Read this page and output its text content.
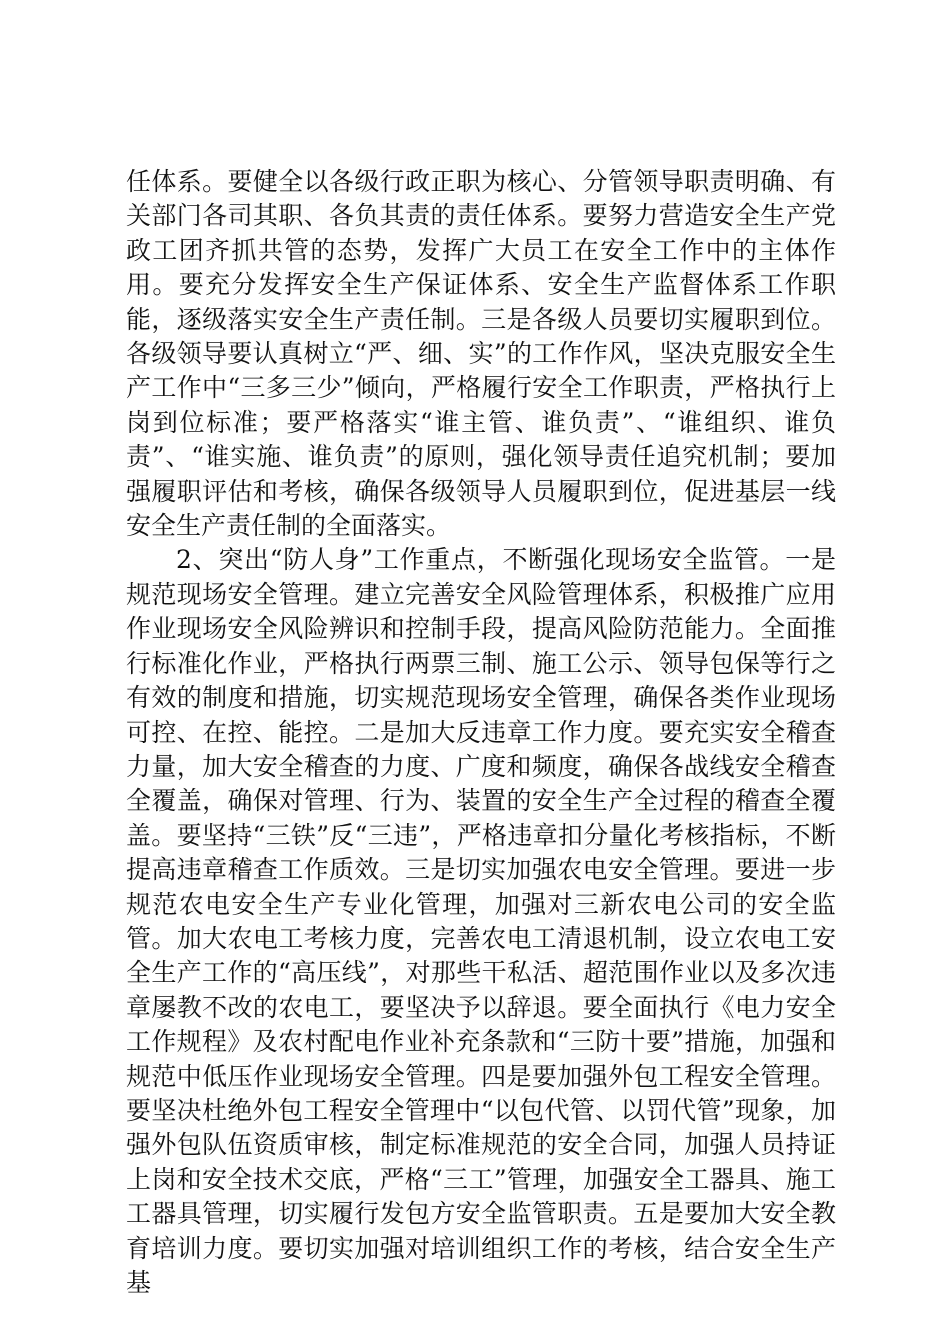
任体系。要健全以各级行政正职为核心、分管领导职责明确、有关部门各司其职、各负其责的责任体系。要努力营造安全生产党政工团齐抓共管的态势，发挥广大员工在安全工作中的主体作用。要充分发挥安全生产保证体系、安全生产监督体系工作职能，逐级落实安全生产责任制。三是各级人员要切实履职到位。各级领导要认真树立“严、细、实”的工作作风，坚决克服安全生产工作中“三多三少”倾向，严格履行安全工作职责，严格执行上岗到位标准；要严格落实“谁主管、谁负责”、“谁组织、谁负责”、“谁实施、谁负责”的原则，强化领导责任追究机制；要加强履职评估和考核，确保各级领导人员履职到位，促进基层一线安全生产责任制的全面落实。

2、突出“防人身”工作重点，不断强化现场安全监管。一是规范现场安全管理。建立完善安全风险管理体系，积极推广应用作业现场安全风险辨识和控制手段，提高风险防范能力。全面推行标准化作业，严格执行两票三制、施工公示、领导包保等行之有效的制度和措施，切实规范现场安全管理，确保各类作业现场可控、在控、能控。二是加大反违章工作力度。要充实安全稽查力量，加大安全稽查的力度、广度和频度，确保各战线安全稽查全覆盖，确保对管理、行为、装置的安全生产全过程的稽查全覆盖。要坚持“三铁”反“三违”，严格违章扣分量化考核指标，不断提高违章稽查工作质效。三是切实加强农电安全管理。要进一步规范农电安全生产专业化管理，加强对三新农电公司的安全监管。加大农电工考核力度，完善农电工清退机制，设立农电工安全生产工作的“高压线”，对那些干私活、超范围作业以及多次违章屡教不改的农电工，要坚决予以辞退。要全面执行《电力安全工作规程》及农村配电作业补充条款和“三防十要”措施，加强和规范中低压作业现场安全管理。四是要加强外包工程安全管理。要坚决杜绝外包工程安全管理中“以包代管、以罚代管”现象，加强外包队伍资质审核，制定标准规范的安全合同，加强人员持证上岗和安全技术交底，严格“三工”管理，加强安全工器具、施工工器具管理，切实履行发包方安全监管职责。五是要加大安全教育培训力度。要切实加强对培训组织工作的考核，结合安全生产基
